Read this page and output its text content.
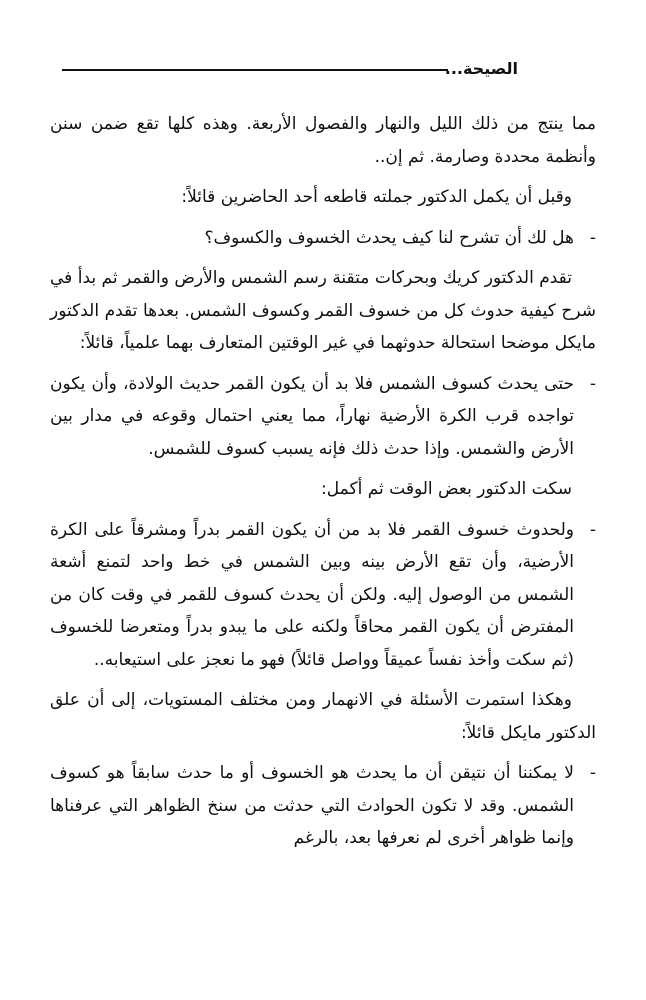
الصيحة...

مما ينتج من ذلك الليل والنهار والفصول الأربعة. وهذه كلها تقع ضمن سنن وأنظمة محددة وصارمة. ثم إن..

وقبل أن يكمل الدكتور جملته قاطعه أحد الحاضرين قائلاً:

-
هل لك أن تشرح لنا كيف يحدث الخسوف والكسوف؟

تقدم الدكتور كريك وبحركات متقنة رسم الشمس والأرض والقمر ثم بدأ في شرح كيفية حدوث كل من خسوف القمر وكسوف الشمس. بعدها تقدم الدكتور مايكل موضحا استحالة حدوثهما في غير الوقتين المتعارف بهما علمياً، قائلاً:

-
حتى يحدث كسوف الشمس فلا بد أن يكون القمر حديث الولادة، وأن يكون تواجده قرب الكرة الأرضية نهاراً، مما يعني احتمال وقوعه في مدار بين الأرض والشمس. وإذا حدث ذلك فإنه يسبب كسوف للشمس.

سكت الدكتور بعض الوقت ثم أكمل:

-
ولحدوث خسوف القمر فلا بد من أن يكون القمر بدراً ومشرقاً على الكرة الأرضية، وأن تقع الأرض بينه وبين الشمس في خط واحد لتمنع أشعة الشمس من الوصول إليه. ولكن أن يحدث كسوف للقمر في وقت كان من المفترض أن يكون القمر محاقاً ولكنه على ما يبدو بدراً ومتعرضا للخسوف (ثم سكت وأخذ نفساً عميقاً وواصل قائلاً) فهو ما نعجز على استيعابه..

وهكذا استمرت الأسئلة في الانهمار ومن مختلف المستويات، إلى أن علق الدكتور مايكل قائلاً:

-
لا يمكننا أن نتيقن أن ما يحدث هو الخسوف أو ما حدث سابقاً هو كسوف الشمس. وقد لا تكون الحوادث التي حدثت من سنخ الظواهر التي عرفناها وإنما ظواهر أخرى لم نعرفها بعد، بالرغم
